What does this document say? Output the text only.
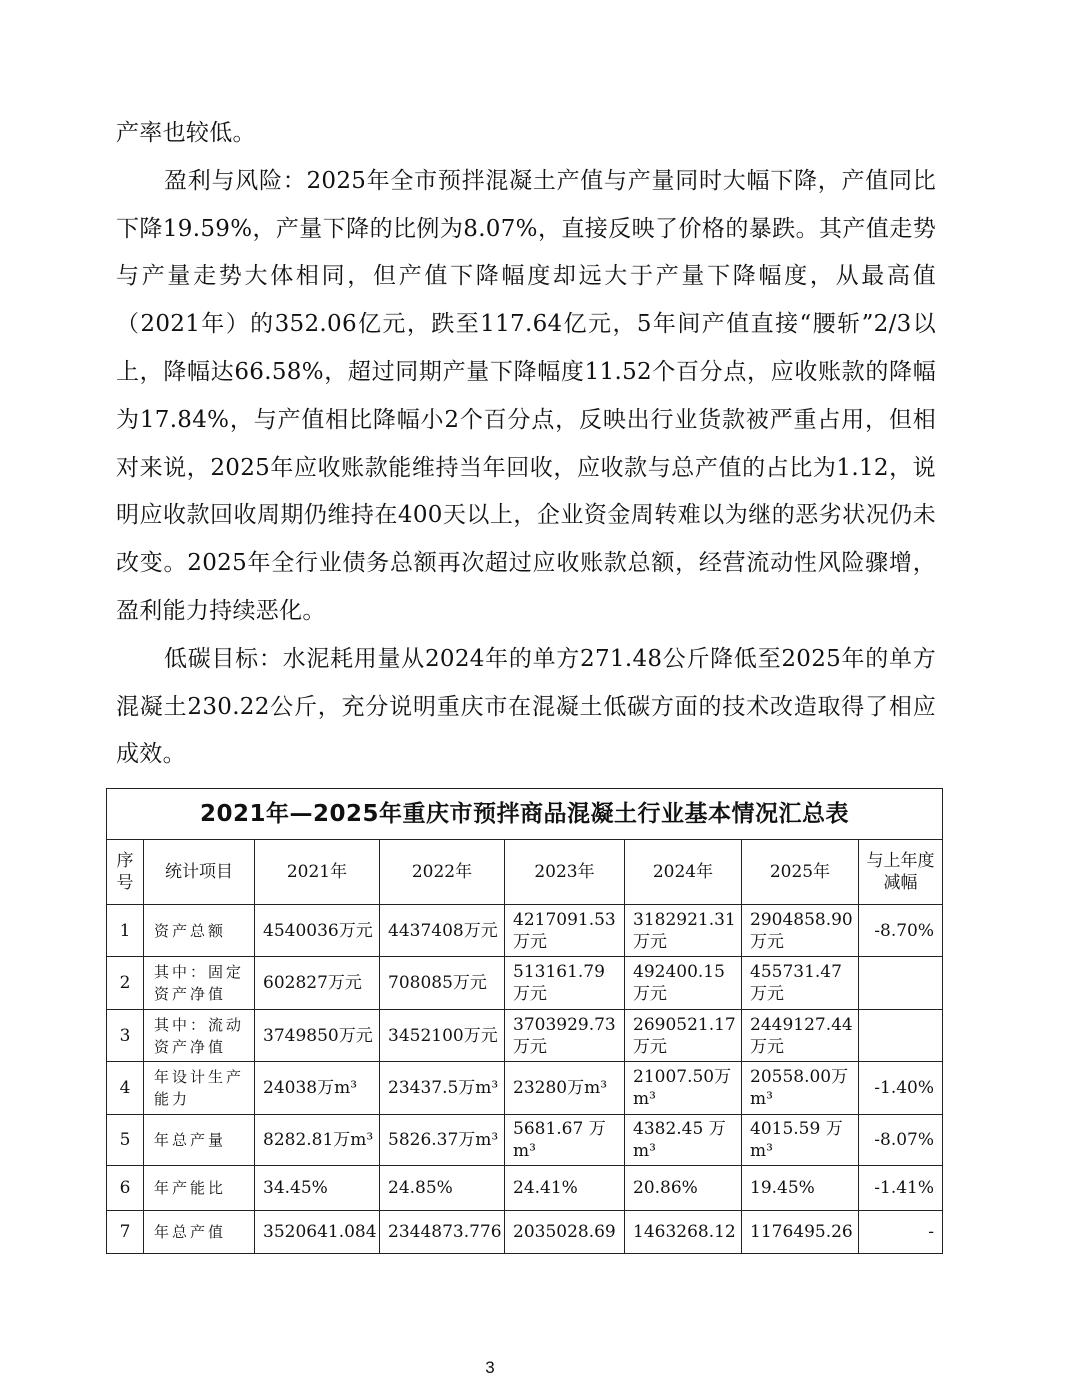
产率也较低。

盈利与风险：2025年全市预拌混凝土产值与产量同时大幅下降，产值同比下降19.59%，产量下降的比例为8.07%，直接反映了价格的暴跌。其产值走势与产量走势大体相同，但产值下降幅度却远大于产量下降幅度，从最高值（2021年）的352.06亿元，跌至117.64亿元，5年间产值直接“腰斩”2/3以上，降幅达66.58%，超过同期产量下降幅度11.52个百分点，应收账款的降幅为17.84%，与产值相比降幅小2个百分点，反映出行业货款被严重占用，但相对来说，2025年应收账款能维持当年回收，应收款与总产值的占比为1.12，说明应收款回收周期仍维持在400天以上，企业资金周转难以为继的恶劣状况仍未改变。2025年全行业债务总额再次超过应收账款总额，经营流动性风险骤增，盈利能力持续恶化。

低碳目标：水泥耗用量从2024年的单方271.48公斤降低至2025年的单方混凝土230.22公斤，充分说明重庆市在混凝土低碳方面的技术改造取得了相应成效。

2021年—2025年重庆市预拌商品混凝土行业基本情况汇总表							
序号	统计项目	2021年	2022年	2023年	2024年	2025年	与上年度减幅
1	资产总额	4540036万元	4437408万元	4217091.53万元	3182921.31万元	2904858.90万元	-8.70%
2	其中：固定资产净值	602827万元	708085万元	513161.79万元	492400.15万元	455731.47万元	
3	其中：流动资产净值	3749850万元	3452100万元	3703929.73万元	2690521.17万元	2449127.44万元	
4	年设计生产能力	24038万m³	23437.5万m³	23280万m³	21007.50万m³	20558.00万m³	-1.40%
5	年总产量	8282.81万m³	5826.37万m³	5681.67 万m³	4382.45 万m³	4015.59 万m³	-8.07%
6	年产能比	34.45%	24.85%	24.41%	20.86%	19.45%	-1.41%
7	年总产值	3520641.084	2344873.776	2035028.69	1463268.12	1176495.26	-
3
